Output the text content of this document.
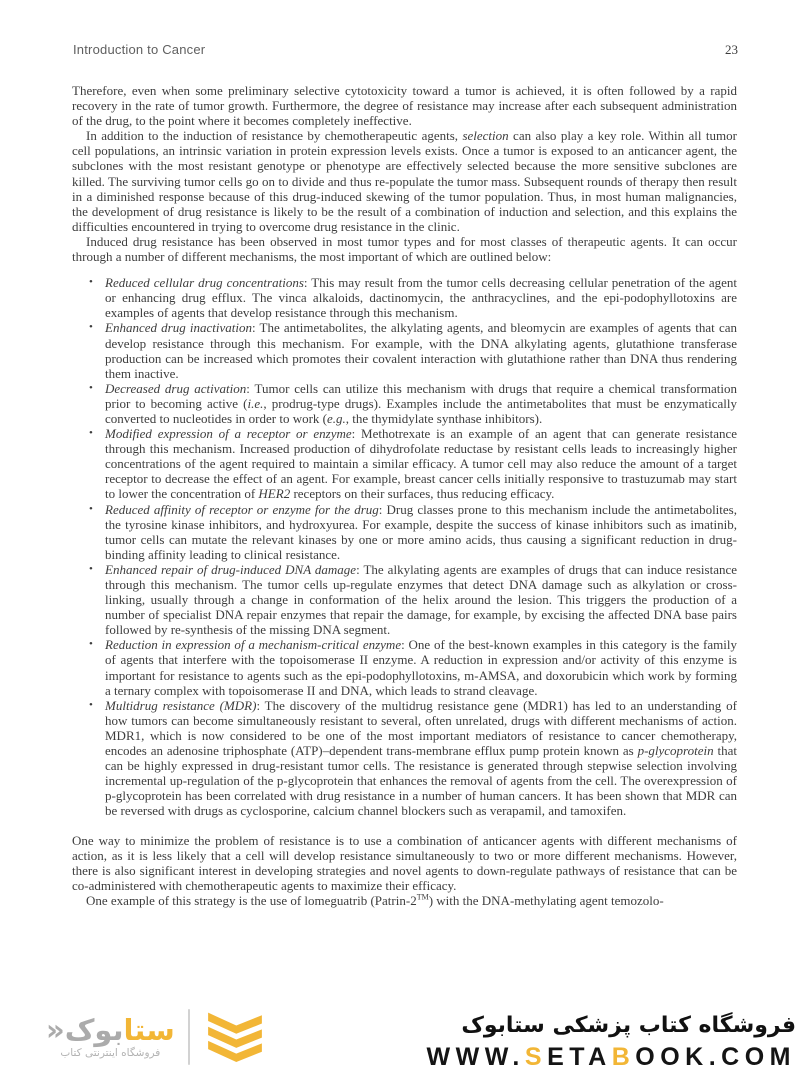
Introduction to Cancer	23

Therefore, even when some preliminary selective cytotoxicity toward a tumor is achieved, it is often followed by a rapid recovery in the rate of tumor growth. Furthermore, the degree of resistance may increase after each subsequent administration of the drug, to the point where it becomes completely ineffective.

In addition to the induction of resistance by chemotherapeutic agents, selection can also play a key role. Within all tumor cell populations, an intrinsic variation in protein expression levels exists. Once a tumor is exposed to an anticancer agent, the subclones with the most resistant genotype or phenotype are effectively selected because the more sensitive subclones are killed. The surviving tumor cells go on to divide and thus re-populate the tumor mass. Subsequent rounds of therapy then result in a diminished response because of this drug-induced skewing of the tumor population. Thus, in most human malignancies, the development of drug resistance is likely to be the result of a combination of induction and selection, and this explains the difficulties encountered in trying to overcome drug resistance in the clinic.

Induced drug resistance has been observed in most tumor types and for most classes of therapeutic agents. It can occur through a number of different mechanisms, the most important of which are outlined below:

• Reduced cellular drug concentrations: This may result from the tumor cells decreasing cellular penetration of the agent or enhancing drug efflux. The vinca alkaloids, dactinomycin, the anthracyclines, and the epi-podophyllotoxins are examples of agents that develop resistance through this mechanism.
• Enhanced drug inactivation: The antimetabolites, the alkylating agents, and bleomycin are examples of agents that can develop resistance through this mechanism. For example, with the DNA alkylating agents, glutathione transferase production can be increased which promotes their covalent interaction with glutathione rather than DNA thus rendering them inactive.
• Decreased drug activation: Tumor cells can utilize this mechanism with drugs that require a chemical transformation prior to becoming active (i.e., prodrug-type drugs). Examples include the antimetabolites that must be enzymatically converted to nucleotides in order to work (e.g., the thymidylate synthase inhibitors).
• Modified expression of a receptor or enzyme: Methotrexate is an example of an agent that can generate resistance through this mechanism. Increased production of dihydrofolate reductase by resistant cells leads to increasingly higher concentrations of the agent required to maintain a similar efficacy. A tumor cell may also reduce the amount of a target receptor to decrease the effect of an agent. For example, breast cancer cells initially responsive to trastuzumab may start to lower the concentration of HER2 receptors on their surfaces, thus reducing efficacy.
• Reduced affinity of receptor or enzyme for the drug: Drug classes prone to this mechanism include the antimetabolites, the tyrosine kinase inhibitors, and hydroxyurea. For example, despite the success of kinase inhibitors such as imatinib, tumor cells can mutate the relevant kinases by one or more amino acids, thus causing a significant reduction in drug-binding affinity leading to clinical resistance.
• Enhanced repair of drug-induced DNA damage: The alkylating agents are examples of drugs that can induce resistance through this mechanism. The tumor cells up-regulate enzymes that detect DNA damage such as alkylation or cross-linking, usually through a change in conformation of the helix around the lesion. This triggers the production of a number of specialist DNA repair enzymes that repair the damage, for example, by excising the affected DNA base pairs followed by re-synthesis of the missing DNA segment.
• Reduction in expression of a mechanism-critical enzyme: One of the best-known examples in this category is the family of agents that interfere with the topoisomerase II enzyme. A reduction in expression and/or activity of this enzyme is important for resistance to agents such as the epi-podophyllotoxins, m-AMSA, and doxorubicin which work by forming a ternary complex with topoisomerase II and DNA, which leads to strand cleavage.
• Multidrug resistance (MDR): The discovery of the multidrug resistance gene (MDR1) has led to an understanding of how tumors can become simultaneously resistant to several, often unrelated, drugs with different mechanisms of action. MDR1, which is now considered to be one of the most important mediators of resistance to cancer chemotherapy, encodes an adenosine triphosphate (ATP)–dependent trans-membrane efflux pump protein known as p-glycoprotein that can be highly expressed in drug-resistant tumor cells. The resistance is generated through stepwise selection involving incremental up-regulation of the p-glycoprotein that enhances the removal of agents from the cell. The overexpression of p-glycoprotein has been correlated with drug resistance in a number of human cancers. It has been shown that MDR can be reversed with drugs as cyclosporine, calcium channel blockers such as verapamil, and tamoxifen.

One way to minimize the problem of resistance is to use a combination of anticancer agents with different mechanisms of action, as it is less likely that a cell will develop resistance simultaneously to two or more different mechanisms. However, there is also significant interest in developing strategies and novel agents to down-regulate pathways of resistance that can be co-administered with chemotherapeutic agents to maximize their efficacy.

One example of this strategy is the use of lomeguatrib (Patrin-2™) with the DNA-methylating agent temozolo-

ستابوک«
فروشگاه اینترنتی کتاب
فروشگاه کتاب پزشکی ستابوک
WWW.SETABOOK.COM
